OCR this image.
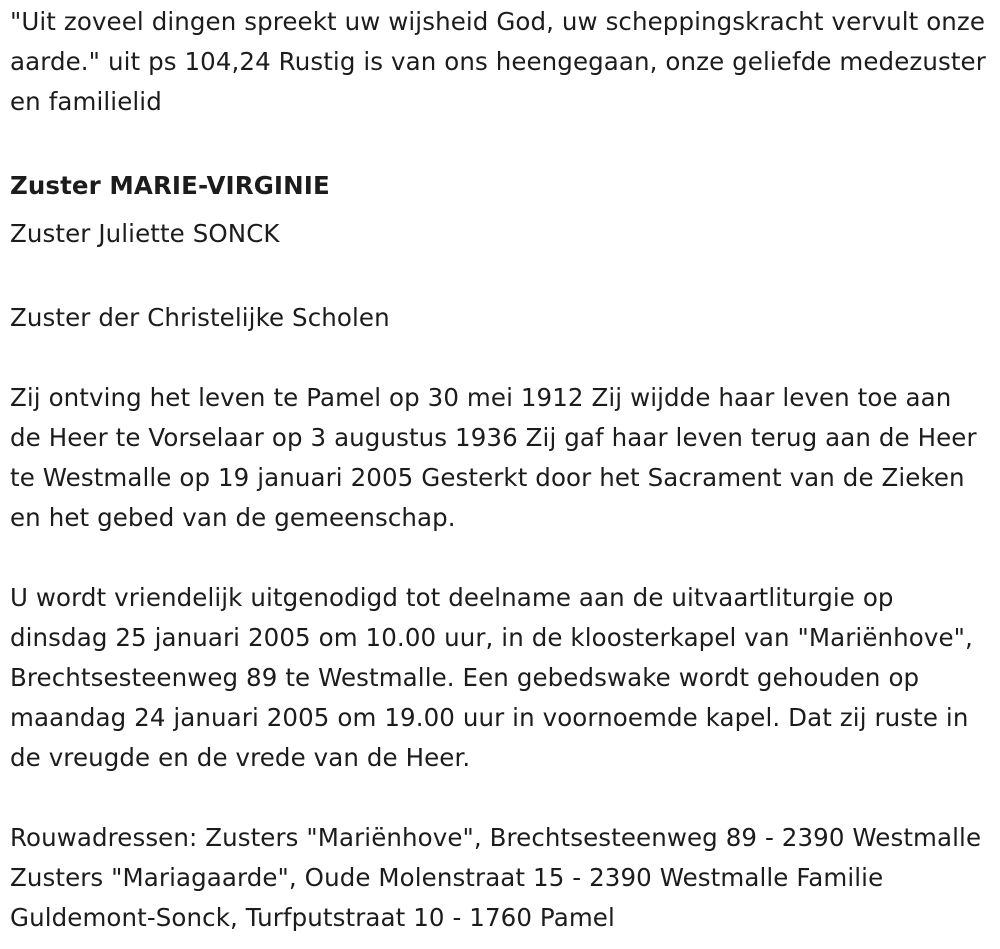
"Uit zoveel dingen spreekt uw wijsheid God, uw scheppingskracht vervult onze aarde." uit ps 104,24 Rustig is van ons heengegaan, onze geliefde medezuster en familielid

Zuster MARIE-VIRGINIE

Zuster Juliette SONCK

Zuster der Christelijke Scholen

Zij ontving het leven te Pamel op 30 mei 1912 Zij wijdde haar leven toe aan de Heer te Vorselaar op 3 augustus 1936 Zij gaf haar leven terug aan de Heer te Westmalle op 19 januari 2005 Gesterkt door het Sacrament van de Zieken en het gebed van de gemeenschap.

U wordt vriendelijk uitgenodigd tot deelname aan de uitvaartliturgie op dinsdag 25 januari 2005 om 10.00 uur, in de kloosterkapel van "Mariënhove", Brechtsesteenweg 89 te Westmalle. Een gebedswake wordt gehouden op maandag 24 januari 2005 om 19.00 uur in voornoemde kapel. Dat zij ruste in de vreugde en de vrede van de Heer.

Rouwadressen: Zusters "Mariënhove", Brechtsesteenweg 89 - 2390 Westmalle Zusters "Mariagaarde", Oude Molenstraat 15 - 2390 Westmalle Familie Guldemont-Sonck, Turfputstraat 10 - 1760 Pamel
